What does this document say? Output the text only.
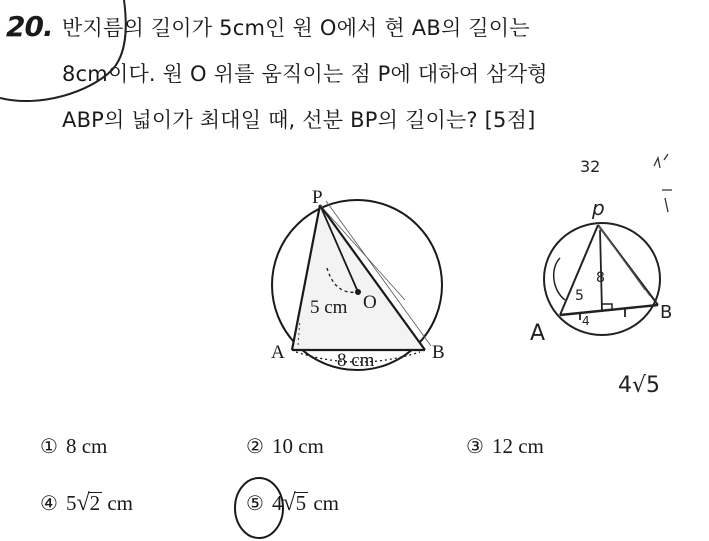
20. 반지름의 길이가 5cm인 원 O에서 현 AB의 길이는
8cm이다. 원 O 위를 움직이는 점 P에 대하여 삼각형
ABP의 넓이가 최대일 때, 선분 BP의 길이는? [5점]
P
O
A	B
5 cm
8 cm
32
p
A
B
5
8
4
4√5
① 8 cm	② 10 cm	③ 12 cm
④ 5√2 cm	⑤ 4√5 cm
